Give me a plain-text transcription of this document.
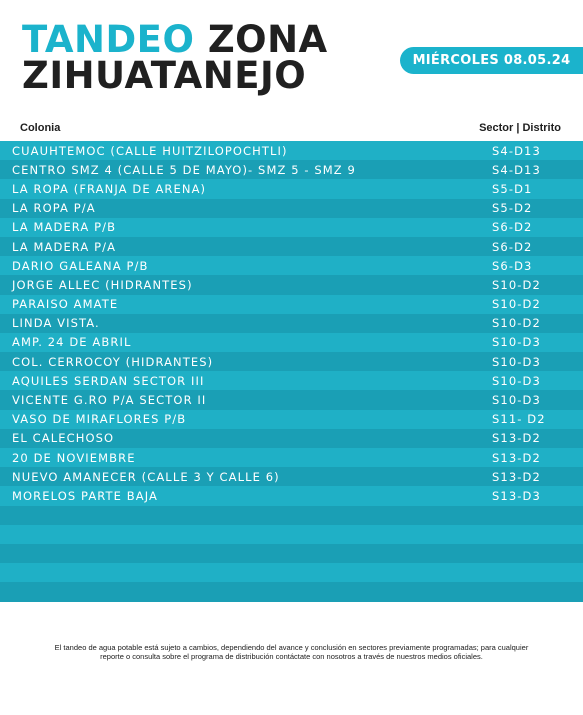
TANDEO ZONA
ZIHUATANEJO	MIÉRCOLES 08.05.24
Colonia	Sector | Distrito
CUAUHTEMOC (CALLE HUITZILOPOCHTLI)	S4-D13
CENTRO SMZ 4 (CALLE 5 DE MAYO)- SMZ 5 - SMZ 9	S4-D13
LA ROPA (FRANJA DE ARENA)	S5-D1
LA ROPA P/A	S5-D2
LA MADERA P/B	S6-D2
LA MADERA P/A	S6-D2
DARIO GALEANA P/B	S6-D3
JORGE ALLEC (HIDRANTES)	S10-D2
PARAISO AMATE	S10-D2
LINDA VISTA.	S10-D2
AMP. 24 DE ABRIL	S10-D3
COL. CERROCOY (HIDRANTES)	S10-D3
AQUILES SERDAN SECTOR III	S10-D3
VICENTE G.RO P/A SECTOR II	S10-D3
VASO DE MIRAFLORES P/B	S11- D2
EL CALECHOSO	S13-D2
20 DE NOVIEMBRE	S13-D2
NUEVO AMANECER (CALLE 3 Y CALLE 6)	S13-D2
MORELOS PARTE BAJA	S13-D3
El tandeo de agua potable está sujeto a cambios, dependiendo del avance y conclusión en sectores previamente programadas; para cualquier reporte o consulta sobre el programa de distribución contáctate con nosotros a través de nuestros medios oficiales.
